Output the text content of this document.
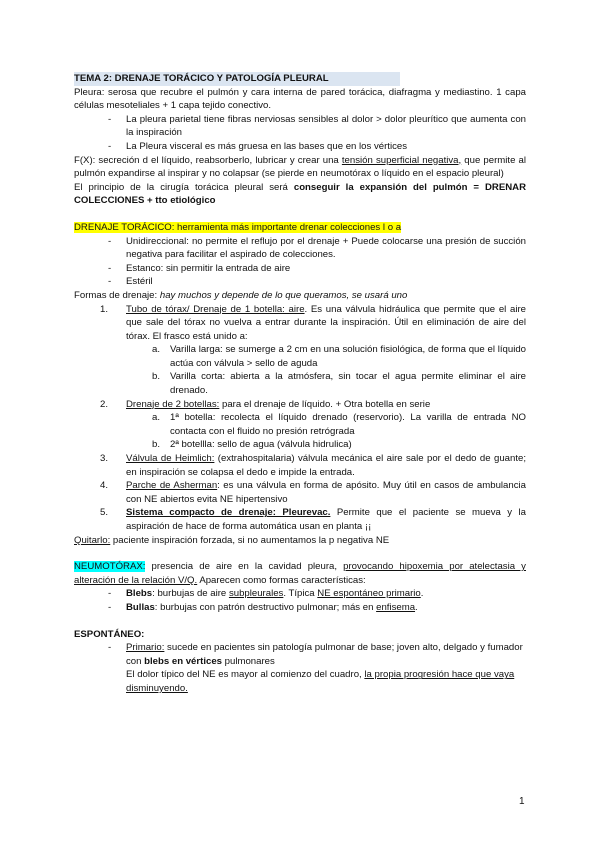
TEMA 2: DRENAJE TORÁCICO Y PATOLOGÍA PLEURAL

Pleura: serosa que recubre el pulmón y cara interna de pared torácica, diafragma y mediastino. 1 capa células mesoteliales + 1 capa tejido conectivo.

-	La pleura parietal tiene fibras nerviosas sensibles al dolor > dolor pleurítico que aumenta con la inspiración
-	La Pleura visceral es más gruesa en las bases que en los vértices

F(X): secreción d el líquido, reabsorberlo, lubricar y crear una tensión superficial negativa, que permite al pulmón expandirse al inspirar y no colapsar (se pierde en neumotórax o líquido en el espacio pleural)

El principio de la cirugía torácica pleural será conseguir la expansión del pulmón = DRENAR COLECCIONES + tto etiológico

DRENAJE TORÁCICO: herramienta más importante drenar colecciones l o a

-	Unidireccional: no permite el reflujo por el drenaje + Puede colocarse una presión de succión negativa para facilitar el aspirado de colecciones.
-	Estanco: sin permitir la entrada de aire
-	Estéril

Formas de drenaje: hay muchos y depende de lo que queramos, se usará uno

1.	Tubo de tórax/ Drenaje de 1 botella: aire. Es una válvula hidráulica que permite que el aire que sale del tórax no vuelva a entrar durante la inspiración. Útil en eliminación de aire del tórax. El frasco está unido a:
a.	Varilla larga: se sumerge a 2 cm en una solución fisiológica, de forma que el líquido actúa con válvula > sello de aguda
b.	Varilla corta: abierta a la atmósfera, sin tocar el agua permite eliminar el aire drenado.
2.	Drenaje de 2 botellas: para el drenaje de líquido. + Otra botella en serie
a.	1ª botella: recolecta el líquido drenado (reservorio). La varilla de entrada NO contacta con el fluido no presión retrógrada
b.	2ª botellla: sello de agua (válvula hidrulica)
3.	Válvula de Heimlich: (extrahospitalaria) válvula mecánica el aire sale por el dedo de guante; en inspiración se colapsa el dedo e impide la entrada.
4.	Parche de Asherman: es una válvula en forma de apósito. Muy útil en casos de ambulancia con NE abiertos evita NE hipertensivo
5.	Sistema compacto de drenaje: Pleurevac. Permite que el paciente se mueva y la aspiración de hace de forma automática usan en planta ¡¡

Quitarlo: paciente inspiración forzada, si no aumentamos la p negativa NE

NEUMOTÓRAX: presencia de aire en la cavidad pleura, provocando hipoxemia por atelectasia y alteración de la relación V/Q. Aparecen como formas características:

-	Blebs: burbujas de aire subpleurales. Típica NE espontáneo primario.
-	Bullas: burbujas con patrón destructivo pulmonar; más en enfisema.

ESPONTÁNEO:

-	Primario: sucede en pacientes sin patología pulmonar de base; joven alto, delgado y fumador con blebs en vértices pulmonares

El dolor típico del NE es mayor al comienzo del cuadro, la propia progresión hace que vaya disminuyendo.

1
